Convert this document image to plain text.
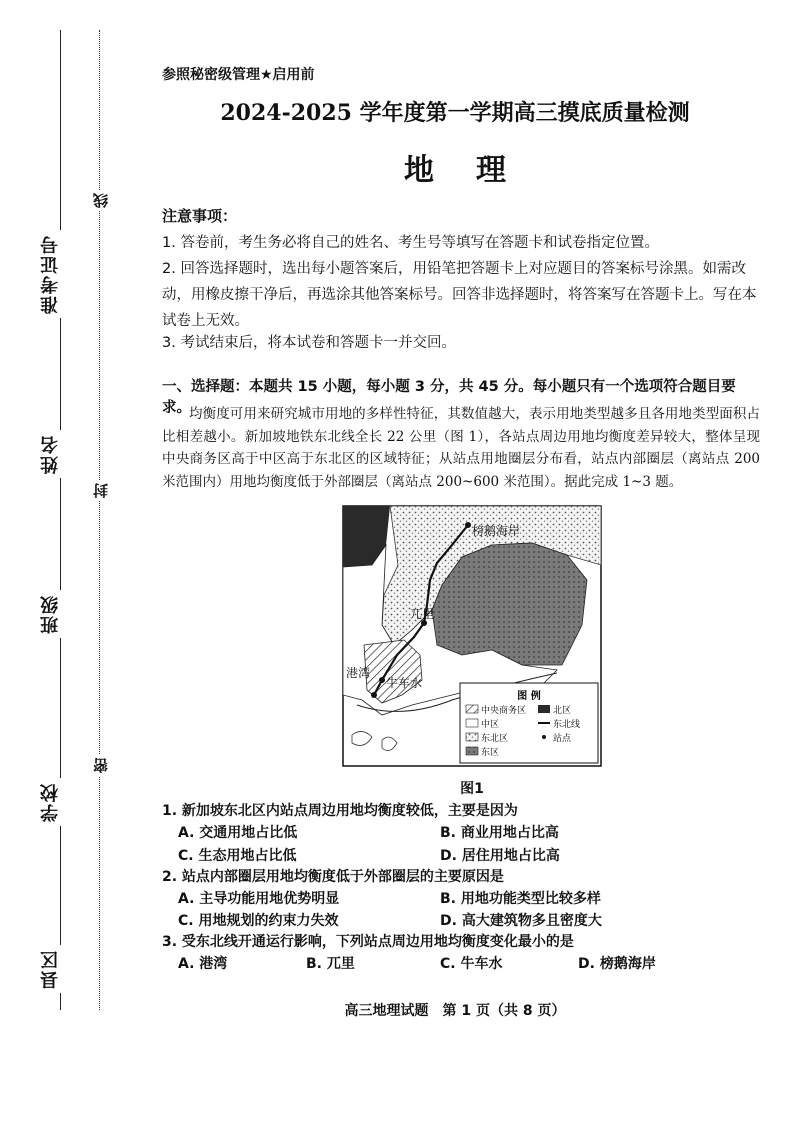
准考证号
姓名
班级
学校
县区
线
封
密
参照秘密级管理★启用前
2024-2025 学年度第一学期高三摸底质量检测
地理
注意事项：
1. 答卷前，考生务必将自己的姓名、考生号等填写在答题卡和试卷指定位置。
2. 回答选择题时，选出每小题答案后，用铅笔把答题卡上对应题目的答案标号涂黑。如需改动，用橡皮擦干净后，再选涂其他答案标号。回答非选择题时，将答案写在答题卡上。写在本试卷上无效。
3. 考试结束后，将本试卷和答题卡一并交回。
一、选择题：本题共 15 小题，每小题 3 分，共 45 分。每小题只有一个选项符合题目要求。
均衡度可用来研究城市用地的多样性特征，其数值越大，表示用地类型越多且各用地类型面积占比相差越小。新加坡地铁东北线全长 22 公里（图 1），各站点周边用地均衡度差异较大，整体呈现中央商务区高于中区高于东北区的区域特征；从站点用地圈层分布看，站点内部圈层（离站点 200 米范围内）用地均衡度低于外部圈层（离站点 200~600 米范围）。据此完成 1~3 题。
榜鹅海岸
兀里
港湾
牛车水
图 例
中央商务区	北区
中区	东北线
东北区	站点
东区
图1
1. 新加坡东北区内站点周边用地均衡度较低，主要是因为
A. 交通用地占比低	B. 商业用地占比高
C. 生态用地占比低	D. 居住用地占比高
2. 站点内部圈层用地均衡度低于外部圈层的主要原因是
A. 主导功能用地优势明显	B. 用地功能类型比较多样
C. 用地规划的约束力失效	D. 高大建筑物多且密度大
3. 受东北线开通运行影响，下列站点周边用地均衡度变化最小的是
A. 港湾	B. 兀里	C. 牛车水	D. 榜鹅海岸
高三地理试题　第 1 页（共 8 页）
